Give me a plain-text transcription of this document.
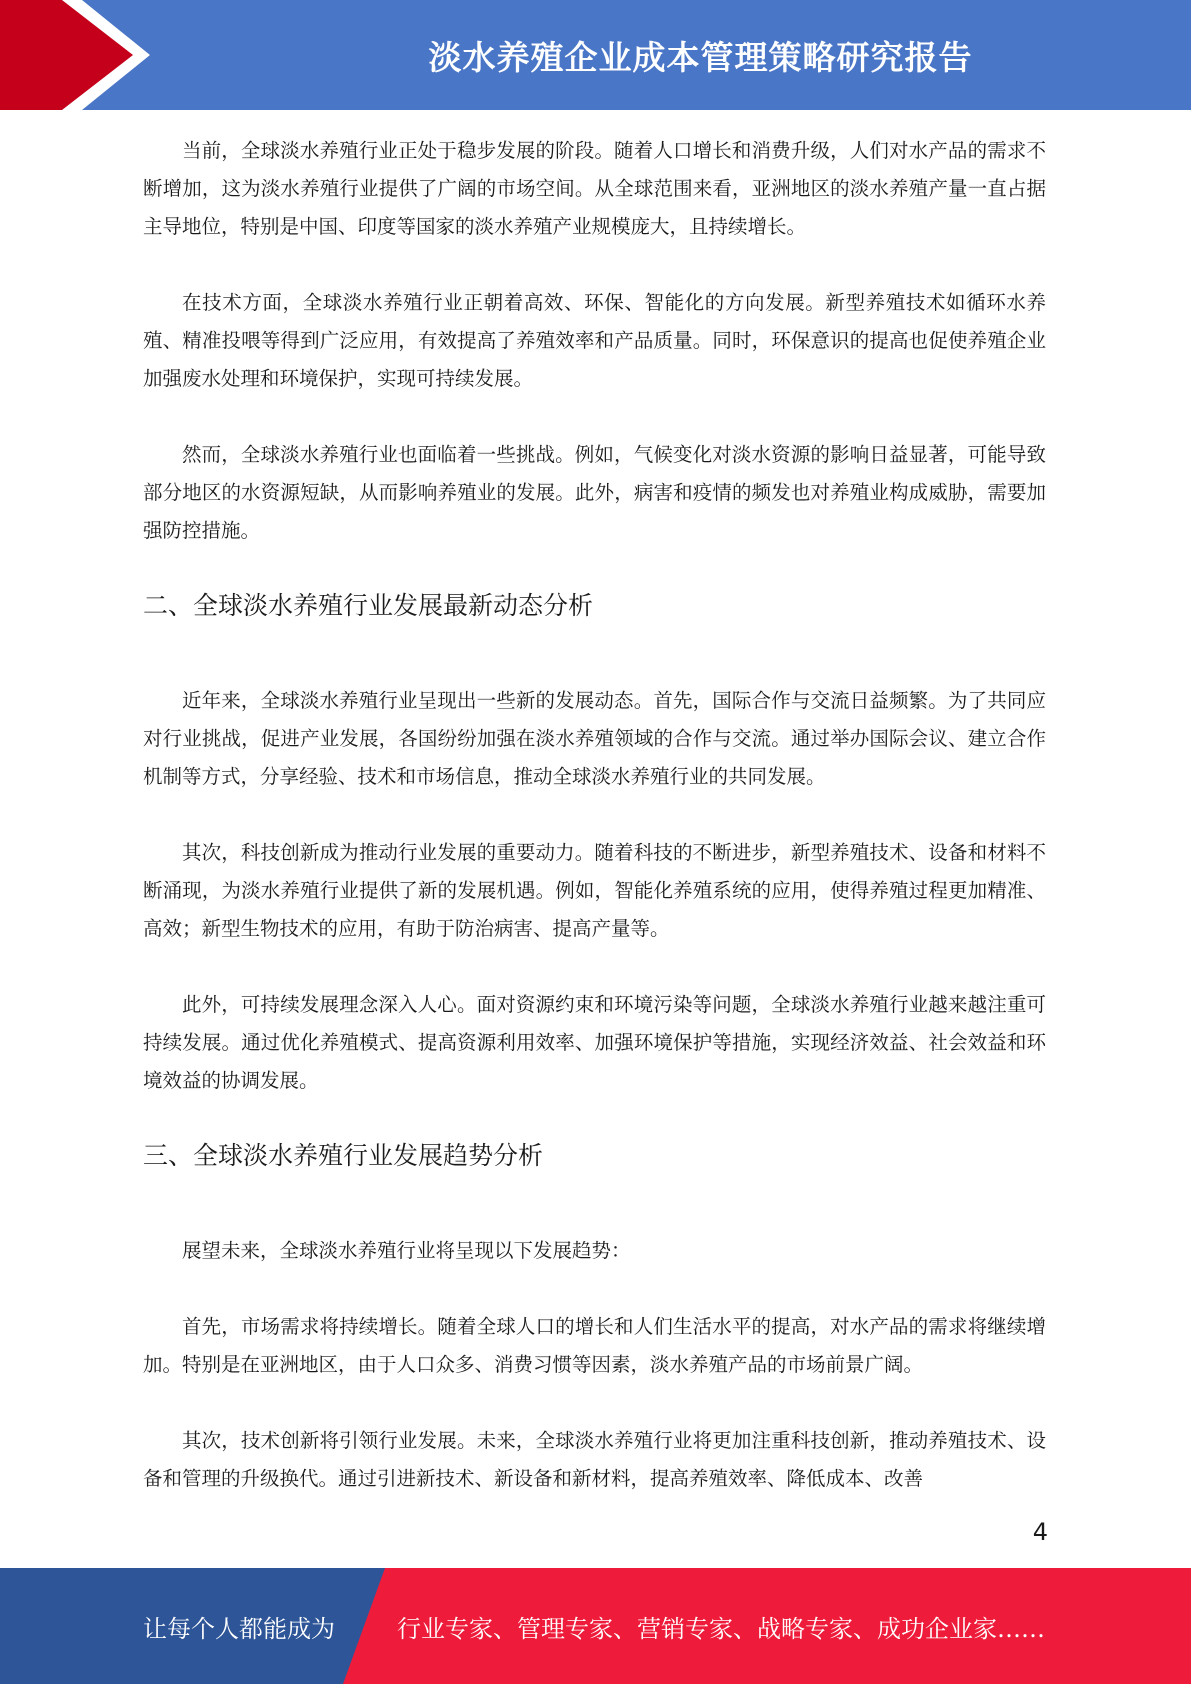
淡水养殖企业成本管理策略研究报告

当前，全球淡水养殖行业正处于稳步发展的阶段。随着人口增长和消费升级，人们对水产品的需求不断增加，这为淡水养殖行业提供了广阔的市场空间。从全球范围来看，亚洲地区的淡水养殖产量一直占据主导地位，特别是中国、印度等国家的淡水养殖产业规模庞大，且持续增长。

在技术方面，全球淡水养殖行业正朝着高效、环保、智能化的方向发展。新型养殖技术如循环水养殖、精准投喂等得到广泛应用，有效提高了养殖效率和产品质量。同时，环保意识的提高也促使养殖企业加强废水处理和环境保护，实现可持续发展。

然而，全球淡水养殖行业也面临着一些挑战。例如，气候变化对淡水资源的影响日益显著，可能导致部分地区的水资源短缺，从而影响养殖业的发展。此外，病害和疫情的频发也对养殖业构成威胁，需要加强防控措施。

二、全球淡水养殖行业发展最新动态分析

近年来，全球淡水养殖行业呈现出一些新的发展动态。首先，国际合作与交流日益频繁。为了共同应对行业挑战，促进产业发展，各国纷纷加强在淡水养殖领域的合作与交流。通过举办国际会议、建立合作机制等方式，分享经验、技术和市场信息，推动全球淡水养殖行业的共同发展。

其次，科技创新成为推动行业发展的重要动力。随着科技的不断进步，新型养殖技术、设备和材料不断涌现，为淡水养殖行业提供了新的发展机遇。例如，智能化养殖系统的应用，使得养殖过程更加精准、高效；新型生物技术的应用，有助于防治病害、提高产量等。

此外，可持续发展理念深入人心。面对资源约束和环境污染等问题，全球淡水养殖行业越来越注重可持续发展。通过优化养殖模式、提高资源利用效率、加强环境保护等措施，实现经济效益、社会效益和环境效益的协调发展。

三、全球淡水养殖行业发展趋势分析

展望未来，全球淡水养殖行业将呈现以下发展趋势：

首先，市场需求将持续增长。随着全球人口的增长和人们生活水平的提高，对水产品的需求将继续增加。特别是在亚洲地区，由于人口众多、消费习惯等因素，淡水养殖产品的市场前景广阔。

其次，技术创新将引领行业发展。未来，全球淡水养殖行业将更加注重科技创新，推动养殖技术、设备和管理的升级换代。通过引进新技术、新设备和新材料，提高养殖效率、降低成本、改善

4
让每个人都能成为	行业专家、管理专家、营销专家、战略专家、成功企业家……
